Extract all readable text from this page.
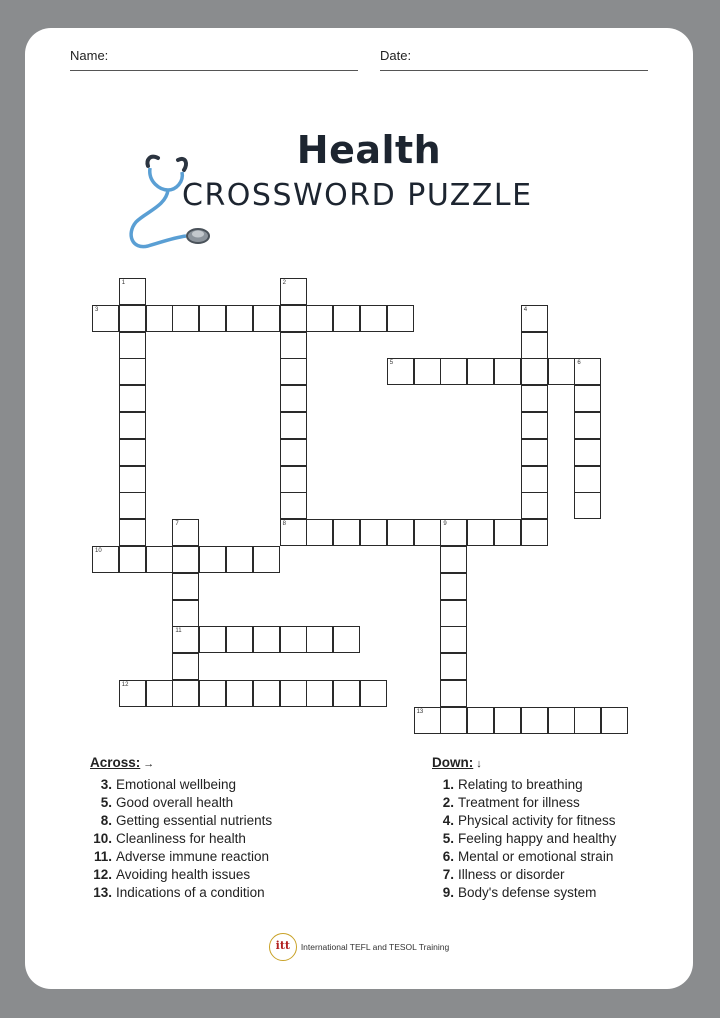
Name:	Date:
Health
CROSSWORD PUZZLE
Across: →
3. Emotional wellbeing
5. Good overall health
8. Getting essential nutrients
10. Cleanliness for health
11. Adverse immune reaction
12. Avoiding health issues
13. Indications of a condition
Down: ↓
1. Relating to breathing
2. Treatment for illness
4. Physical activity for fitness
5. Feeling happy and healthy
6. Mental or emotional strain
7. Illness or disorder
9. Body's defense system
itt	International TEFL and TESOL Training
1	2
8
3	4
5	6
7
11
9
10
12
13
